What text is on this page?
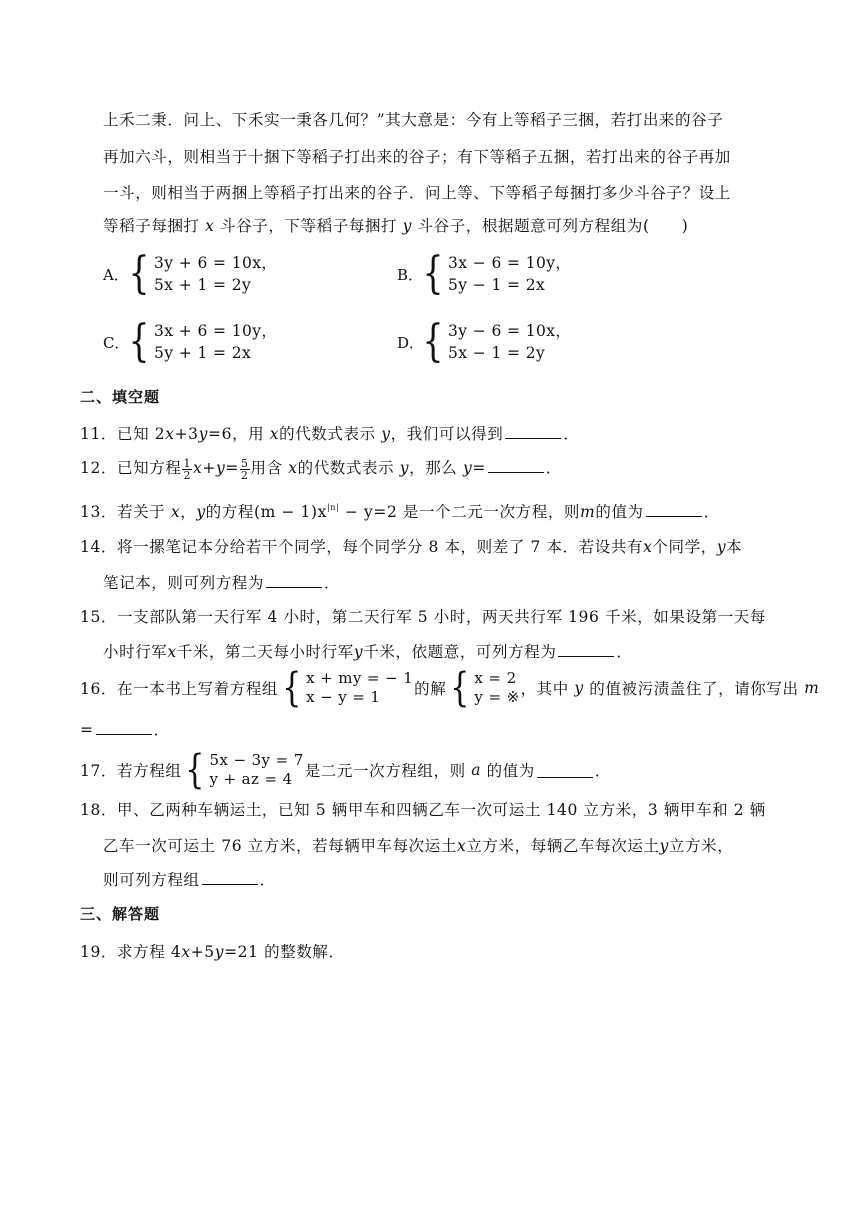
上禾二秉．问上、下禾实一秉各几何？”其大意是：今有上等稻子三捆，若打出来的谷子
再加六斗，则相当于十捆下等稻子打出来的谷子；有下等稻子五捆，若打出来的谷子再加
一斗，则相当于两捆上等稻子打出来的谷子．问上等、下等稻子每捆打多少斗谷子？设上
等稻子每捆打 x 斗谷子，下等稻子每捆打 y 斗谷子，根据题意可列方程组为(　　)
A． { 3y + 6 = 10x，
5x + 1 = 2y
B． { 3x − 6 = 10y，
5y − 1 = 2x
C． { 3x + 6 = 10y，
5y + 1 = 2x
D．
{ 3y − 6 = 10x，
5x − 1 = 2y
二、填空题
11．已知 2x+3y=6，用 x的代数式表示 y，我们可以得到	．
12．已知方程 $\frac{1}{2} x+y= \frac{5}{2}$ 用含 x的代数式表示 y，那么 y=	．
13．若关于 x，y的方程$(m - 1)x^{|n|} - y=2$ 是一个二元一次方程，则m的值为	．
14．将一摞笔记本分给若干个同学，每个同学分 8 本，则差了 7 本．若设共有x个同学，y本
笔记本，则可列方程为	．
15．一支部队第一天行军 4 小时，第二天行军 5 小时，两天共行军 196 千米，如果设第一天每
小时行军x千米，第二天每小时行军y千米，依题意，可列方程为	．
16．在一本书上写着方程组 { x + my = − 1
x − y = 1	的解 { x = 2
y = ※ ，其中
y
的值被污渍盖住了，请你写出
m
=	．
17．若方程组 { 5x − 3y = 7
y + az = 4 是二元一次方程组，则
a
的值为	．
18．甲、乙两种车辆运土，已知 5 辆甲车和四辆乙车一次可运土 140 立方米，3 辆甲车和 2 辆
乙车一次可运土 76 立方米，若每辆甲车每次运土x立方米，每辆乙车每次运土y立方米，
则可列方程组	．
三、解答题
19．求方程 4x+5y=21 的整数解．
